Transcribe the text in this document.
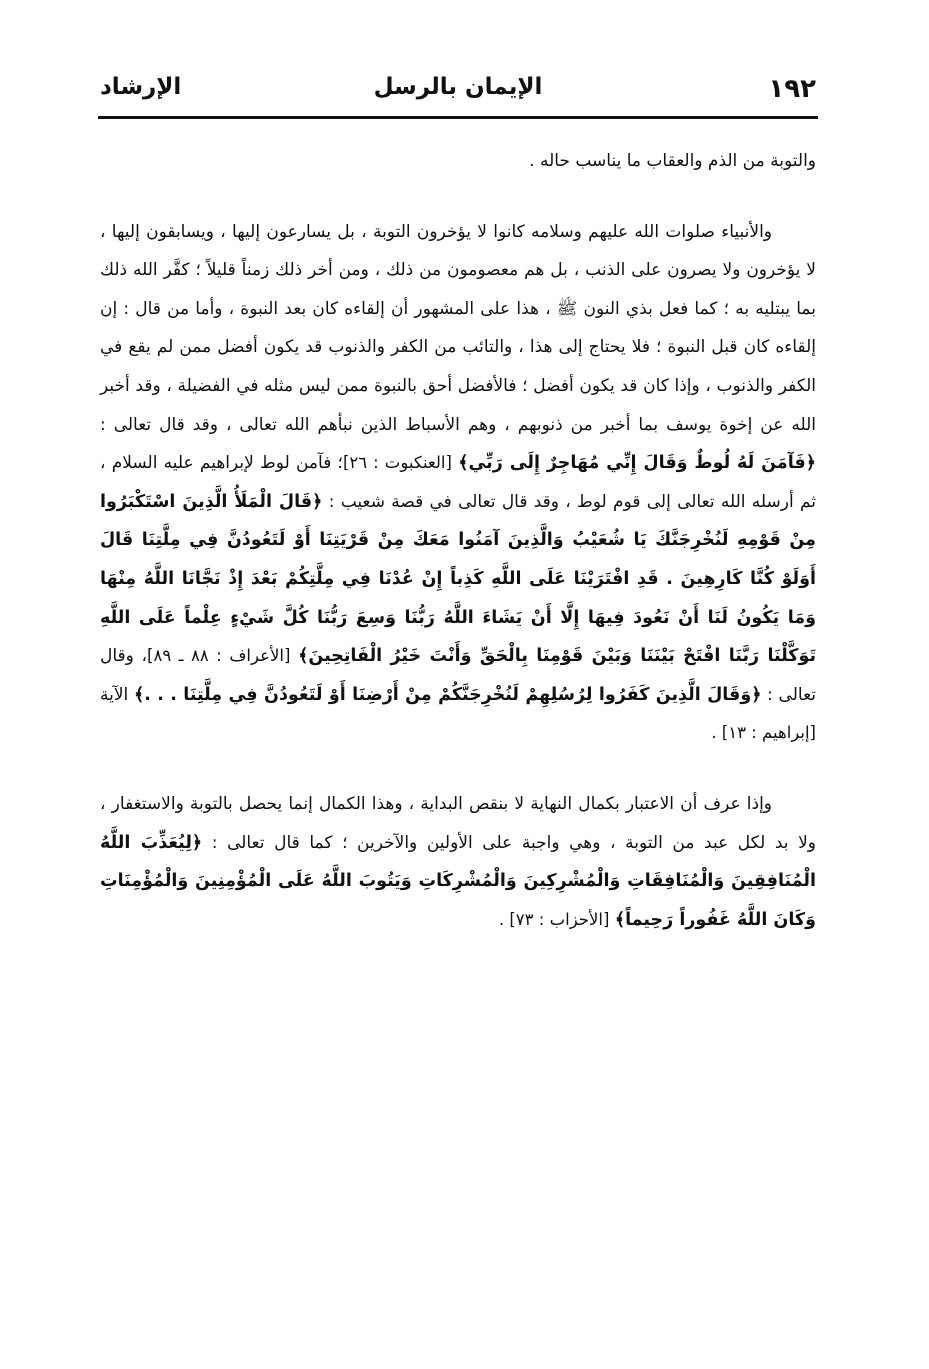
١٩٢
الإيمان بالرسل
الإرشاد

والتوبة من الذم والعقاب ما يناسب حاله .

والأنبياء صلوات الله عليهم وسلامه كانوا لا يؤخرون التوبة ، بل يسارعون إليها ، ويسابقون إليها ، لا يؤخرون ولا يصرون على الذنب ، بل هم معصومون من ذلك ، ومن أخر ذلك زمناً قليلاً ؛ كفَّر الله ذلك بما يبتليه به ؛ كما فعل بذي النون ﷺ ، هذا على المشهور أن إلقاءه كان بعد النبوة ، وأما من قال : إن إلقاءه كان قبل النبوة ؛ فلا يحتاج إلى هذا ، والتائب من الكفر والذنوب قد يكون أفضل ممن لم يقع في الكفر والذنوب ، وإذا كان قد يكون أفضل ؛ فالأفضل أحق بالنبوة ممن ليس مثله في الفضيلة ، وقد أخبر الله عن إخوة يوسف بما أخبر من ذنوبهم ، وهم الأسباط الذين نبأهم الله تعالى ، وقد قال تعالى : ﴿فَآمَنَ لَهُ لُوطٌ وَقَالَ إِنِّي مُهَاجِرٌ إِلَى رَبِّي﴾ [العنكبوت : ٢٦]؛ فآمن لوط لإبراهيم عليه السلام ، ثم أرسله الله تعالى إلى قوم لوط ، وقد قال تعالى في قصة شعيب : ﴿قَالَ الْمَلَأُ الَّذِينَ اسْتَكْبَرُوا مِنْ قَوْمِهِ لَنُخْرِجَنَّكَ يَا شُعَيْبُ وَالَّذِينَ آمَنُوا مَعَكَ مِنْ قَرْيَتِنَا أَوْ لَتَعُودُنَّ فِي مِلَّتِنَا قَالَ أَوَلَوْ كُنَّا كَارِهِينَ . قَدِ افْتَرَيْنَا عَلَى اللَّهِ كَذِباً إِنْ عُدْنَا فِي مِلَّتِكُمْ بَعْدَ إِذْ نَجَّانَا اللَّهُ مِنْهَا وَمَا يَكُونُ لَنَا أَنْ نَعُودَ فِيهَا إِلَّا أَنْ يَشَاءَ اللَّهُ رَبُّنَا وَسِعَ رَبُّنَا كُلَّ شَيْءٍ عِلْماً عَلَى اللَّهِ تَوَكَّلْنَا رَبَّنَا افْتَحْ بَيْنَنَا وَبَيْنَ قَوْمِنَا بِالْحَقِّ وَأَنْتَ خَيْرُ الْفَاتِحِينَ﴾ [الأعراف : ٨٨ ـ ٨٩]، وقال تعالى : ﴿وَقَالَ الَّذِينَ كَفَرُوا لِرُسُلِهِمْ لَنُخْرِجَنَّكُمْ مِنْ أَرْضِنَا أَوْ لَتَعُودُنَّ فِي مِلَّتِنَا . . .﴾ الآية [إبراهيم : ١٣] .

وإذا عرف أن الاعتبار بكمال النهاية لا بنقص البداية ، وهذا الكمال إنما يحصل بالتوبة والاستغفار ، ولا بد لكل عبد من التوبة ، وهي واجبة على الأولين والآخرين ؛ كما قال تعالى : ﴿لِيُعَذِّبَ اللَّهُ الْمُنَافِقِينَ وَالْمُنَافِقَاتِ وَالْمُشْرِكِينَ وَالْمُشْرِكَاتِ وَيَتُوبَ اللَّهُ عَلَى الْمُؤْمِنِينَ وَالْمُؤْمِنَاتِ وَكَانَ اللَّهُ غَفُوراً رَحِيماً﴾ [الأحزاب : ٧٣] .
